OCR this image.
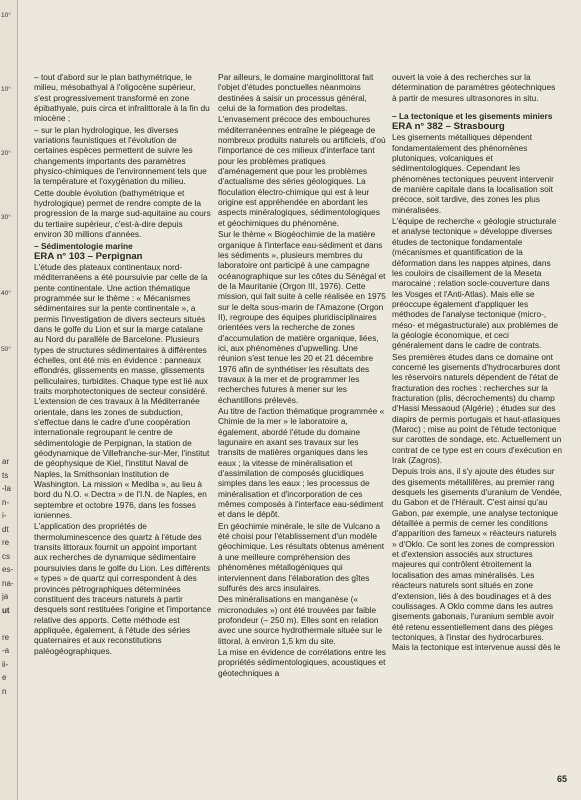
10°
10°
20°
30°
40°
50°
ar
ts
-la
n-
i-
dt
re
cs
es-
na-
ja
ut
re
-a
ii-
e
n

– tout d'abord sur le plan bathymétrique, le milieu, mésobathyal à l'oligocène supérieur, s'est progressivement transformé en zone épibathyale, puis circa et infralittorale à la fin du miocène ;

– sur le plan hydrologique, les diverses variations faunistiques et l'évolution de certaines espèces permettent de suivre les changements importants des paramètres physico-chimiques de l'environnement tels que la température et l'oxygénation du milieu.

Cette double évolution (bathymétrique et hydrologique) permet de rendre compte de la progression de la marge sud-aquitaine au cours du tertiaire supérieur, c'est-à-dire depuis environ 30 millions d'années.

– Sédimentologie marine
ERA n° 103 – Perpignan

L'étude des plateaux continentaux nord-méditerranéens a été poursuivie par celle de la pente continentale. Une action thématique programmée sur le thème : « Mécanismes sédimentaires sur la pente continentale », a permis l'investigation de divers secteurs situés dans le golfe du Lion et sur la marge catalane au Nord du parallèle de Barcelone. Plusieurs types de structures sédimentaires à différentes échelles, ont été mis en évidence : panneaux effondrés, glissements en masse, glissements pelliculaires, turbidites. Chaque type est lié aux traits morphotectoniques de secteur considéré. L'extension de ces travaux à la Méditerranée orientale, dans les zones de subduction, s'effectue dans le cadre d'une coopération internationale regroupant le centre de sédimentologie de Perpignan, la station de géodynamique de Villefranche-sur-Mer, l'institut de géophysique de Kiel, l'institut Naval de Naples, la Smithsonian Institution de Washington. La mission « Mediba », au lieu à bord du N.O. « Dectra » de l'I.N. de Naples, en septembre et octobre 1976, dans les fosses ioniennes.

L'application des propriétés de thermoluminescence des quartz à l'étude des transits littoraux fournit un appoint important aux recherches de dynamique sédimentaire poursuivies dans le golfe du Lion. Les différents « types » de quartz qui correspondent à des provinces pétrographiques déterminées constituent des traceurs naturels à partir desquels sont restituées l'origine et l'importance relative des apports. Cette méthode est appliquée, également, à l'étude des séries quaternaires et aux reconstitutions paléogéographiques.

Par ailleurs, le domaine marginolittoral fait l'objet d'études ponctuelles néanmoins destinées à saisir un processus général, celui de la formation des prodeltas.

L'envasement précoce des embouchures méditerranéennes entraîne le piégeage de nombreux produits naturels ou artificiels, d'où l'importance de ces milieux d'interface tant pour les problèmes pratiques d'aménagement que pour les problèmes d'actualisme des séries géologiques. La floculation électro-chimique qui est à leur origine est appréhendée en abordant les aspects minéralogiques, sédimentologiques et géochimiques du phénomène.

Sur le thème « Biogéochimie de la matière organique à l'interface eau-sédiment et dans les sédiments », plusieurs membres du laboratoire ont participé à une campagne océanographique sur les côtes du Sénégal et de la Mauritanie (Orgon III, 1976). Cette mission, qui fait suite à celle réalisée en 1975 sur le delta sous-marin de l'Amazone (Orgon II), regroupe des équipes pluridisciplinaires orientées vers la recherche de zones d'accumulation de matière organique, liées, ici, aux phénomènes d'upwelling. Une réunion s'est tenue les 20 et 21 décembre 1976 afin de synthétiser les résultats des travaux à la mer et de programmer les recherches futures à mener sur les échantillons prélevés.

Au titre de l'action thématique programmée « Chimie de la mer » le laboratoire a, également, abordé l'étude du domaine lagunaire en axant ses travaux sur les transits de matières organiques dans les eaux ; la vitesse de minéralisation et d'assimilation de composés glucidiques simples dans les eaux ; les processus de minéralisation et d'incorporation de ces mêmes composés à l'interface eau-sédiment et dans le dépôt.

En géochimie minérale, le site de Vulcano a été choisi pour l'établissement d'un modèle géochimique. Les résultats obtenus amènent à une meilleure compréhension des phénomènes métallogéniques qui interviennent dans l'élaboration des gîtes sulfurés des arcs insulaires.

Des minéralisations en manganèse (« micronodules ») ont été trouvées par faible profondeur (– 250 m). Elles sont en relation avec une source hydrothermale située sur le littoral, à environ 1,5 km du site.

La mise en évidence de corrélations entre les propriétés sédimentologiques, acoustiques et géotechniques a

ouvert la voie à des recherches sur la détermination de paramètres géotechniques à partir de mesures ultrasonores in situ.

– La tectonique et les gisements miniers
ERA n° 382 – Strasbourg

Les gisements métalliques dépendent fondamentalement des phénomènes plutoniques, volcaniques et sédimentologiques. Cependant les phénomènes tectoniques peuvent intervenir de manière capitale dans la localisation soit précoce, soit tardive, des zones les plus minéralisées.

L'équipe de recherche « géologie structurale et analyse tectonique » développe diverses études de tectonique fondamentale (mécanismes et quantification de la déformation dans les nappes alpines, dans les couloirs de cisaillement de la Meseta marocaine ; relation socle-couverture dans les Vosges et l'Anti-Atlas). Mais elle se préoccupe également d'appliquer les méthodes de l'analyse tectonique (micro-, méso- et mégastructurale) aux problèmes de la géologie économique, et ceci généralement dans le cadre de contrats.

Ses premières études dans ce domaine ont concerné les gisements d'hydrocarbures dont les réservoirs naturels dépendent de l'état de fracturation des roches : recherches sur la fracturation (plis, décrochements) du champ d'Hassi Messaoud (Algérie) ; études sur des diapirs de permis portugais et haut-atlasiques (Maroc) ; mise au point de l'étude tectonique sur carottes de sondage, etc. Actuellement un contrat de ce type est en cours d'exécution en Irak (Zagros).

Depuis trois ans, il s'y ajoute des études sur des gisements métallifères, au premier rang desquels les gisements d'uranium de Vendée, du Gabon et de l'Hérault. C'est ainsi qu'au Gabon, par exemple, une analyse tectonique détaillée a permis de cerner les conditions d'apparition des fameux « réacteurs naturels » d'Oklo. Ce sont les zones de compression et d'extension associés aux structures majeures qui contrôlent étroitement la localisation des amas minéralisés. Les réacteurs naturels sont situés en zone d'extension, liés à des boudinages et à des coulissages. A Oklo comme dans les autres gisements gabonais, l'uranium semble avoir été retenu essentiellement dans des pièges tectoniques, à l'instar des hydrocarbures. Mais la tectonique est intervenue aussi dès le

65
